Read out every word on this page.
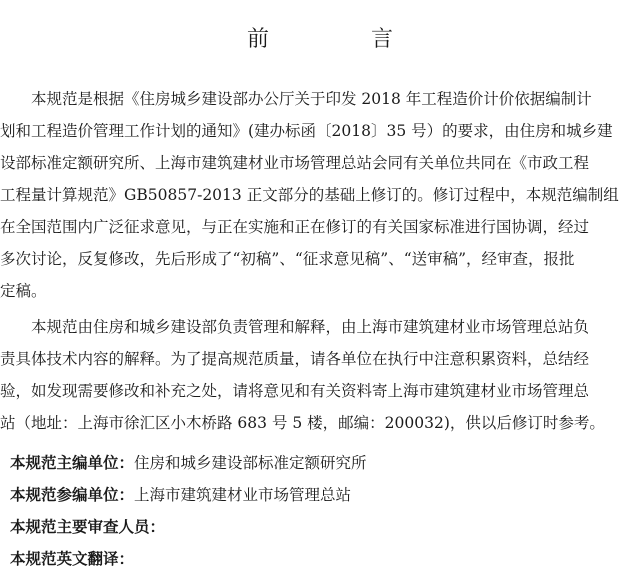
前　言
　　本规范是根据《住房城乡建设部办公厅关于印发 2018 年工程造价计价依据编制计
划和工程造价管理工作计划的通知》(建办标函〔2018〕35 号）的要求，由住房和城乡建
设部标准定额研究所、上海市建筑建材业市场管理总站会同有关单位共同在《市政工程
工程量计算规范》GB50857-2013 正文部分的基础上修订的。修订过程中，本规范编制组
在全国范围内广泛征求意见，与正在实施和正在修订的有关国家标准进行国协调，经过
多次讨论，反复修改，先后形成了“初稿”、“征求意见稿”、“送审稿”，经审查，报批
定稿。
　　本规范由住房和城乡建设部负责管理和解释，由上海市建筑建材业市场管理总站负
责具体技术内容的解释。为了提高规范质量，请各单位在执行中注意积累资料，总结经
验，如发现需要修改和补充之处，请将意见和有关资料寄上海市建筑建材业市场管理总
站（地址：上海市徐汇区小木桥路 683 号 5 楼，邮编：200032)，供以后修订时参考。
本规范主编单位：住房和城乡建设部标准定额研究所
本规范参编单位：上海市建筑建材业市场管理总站
本规范主要审查人员：
本规范英文翻译：
